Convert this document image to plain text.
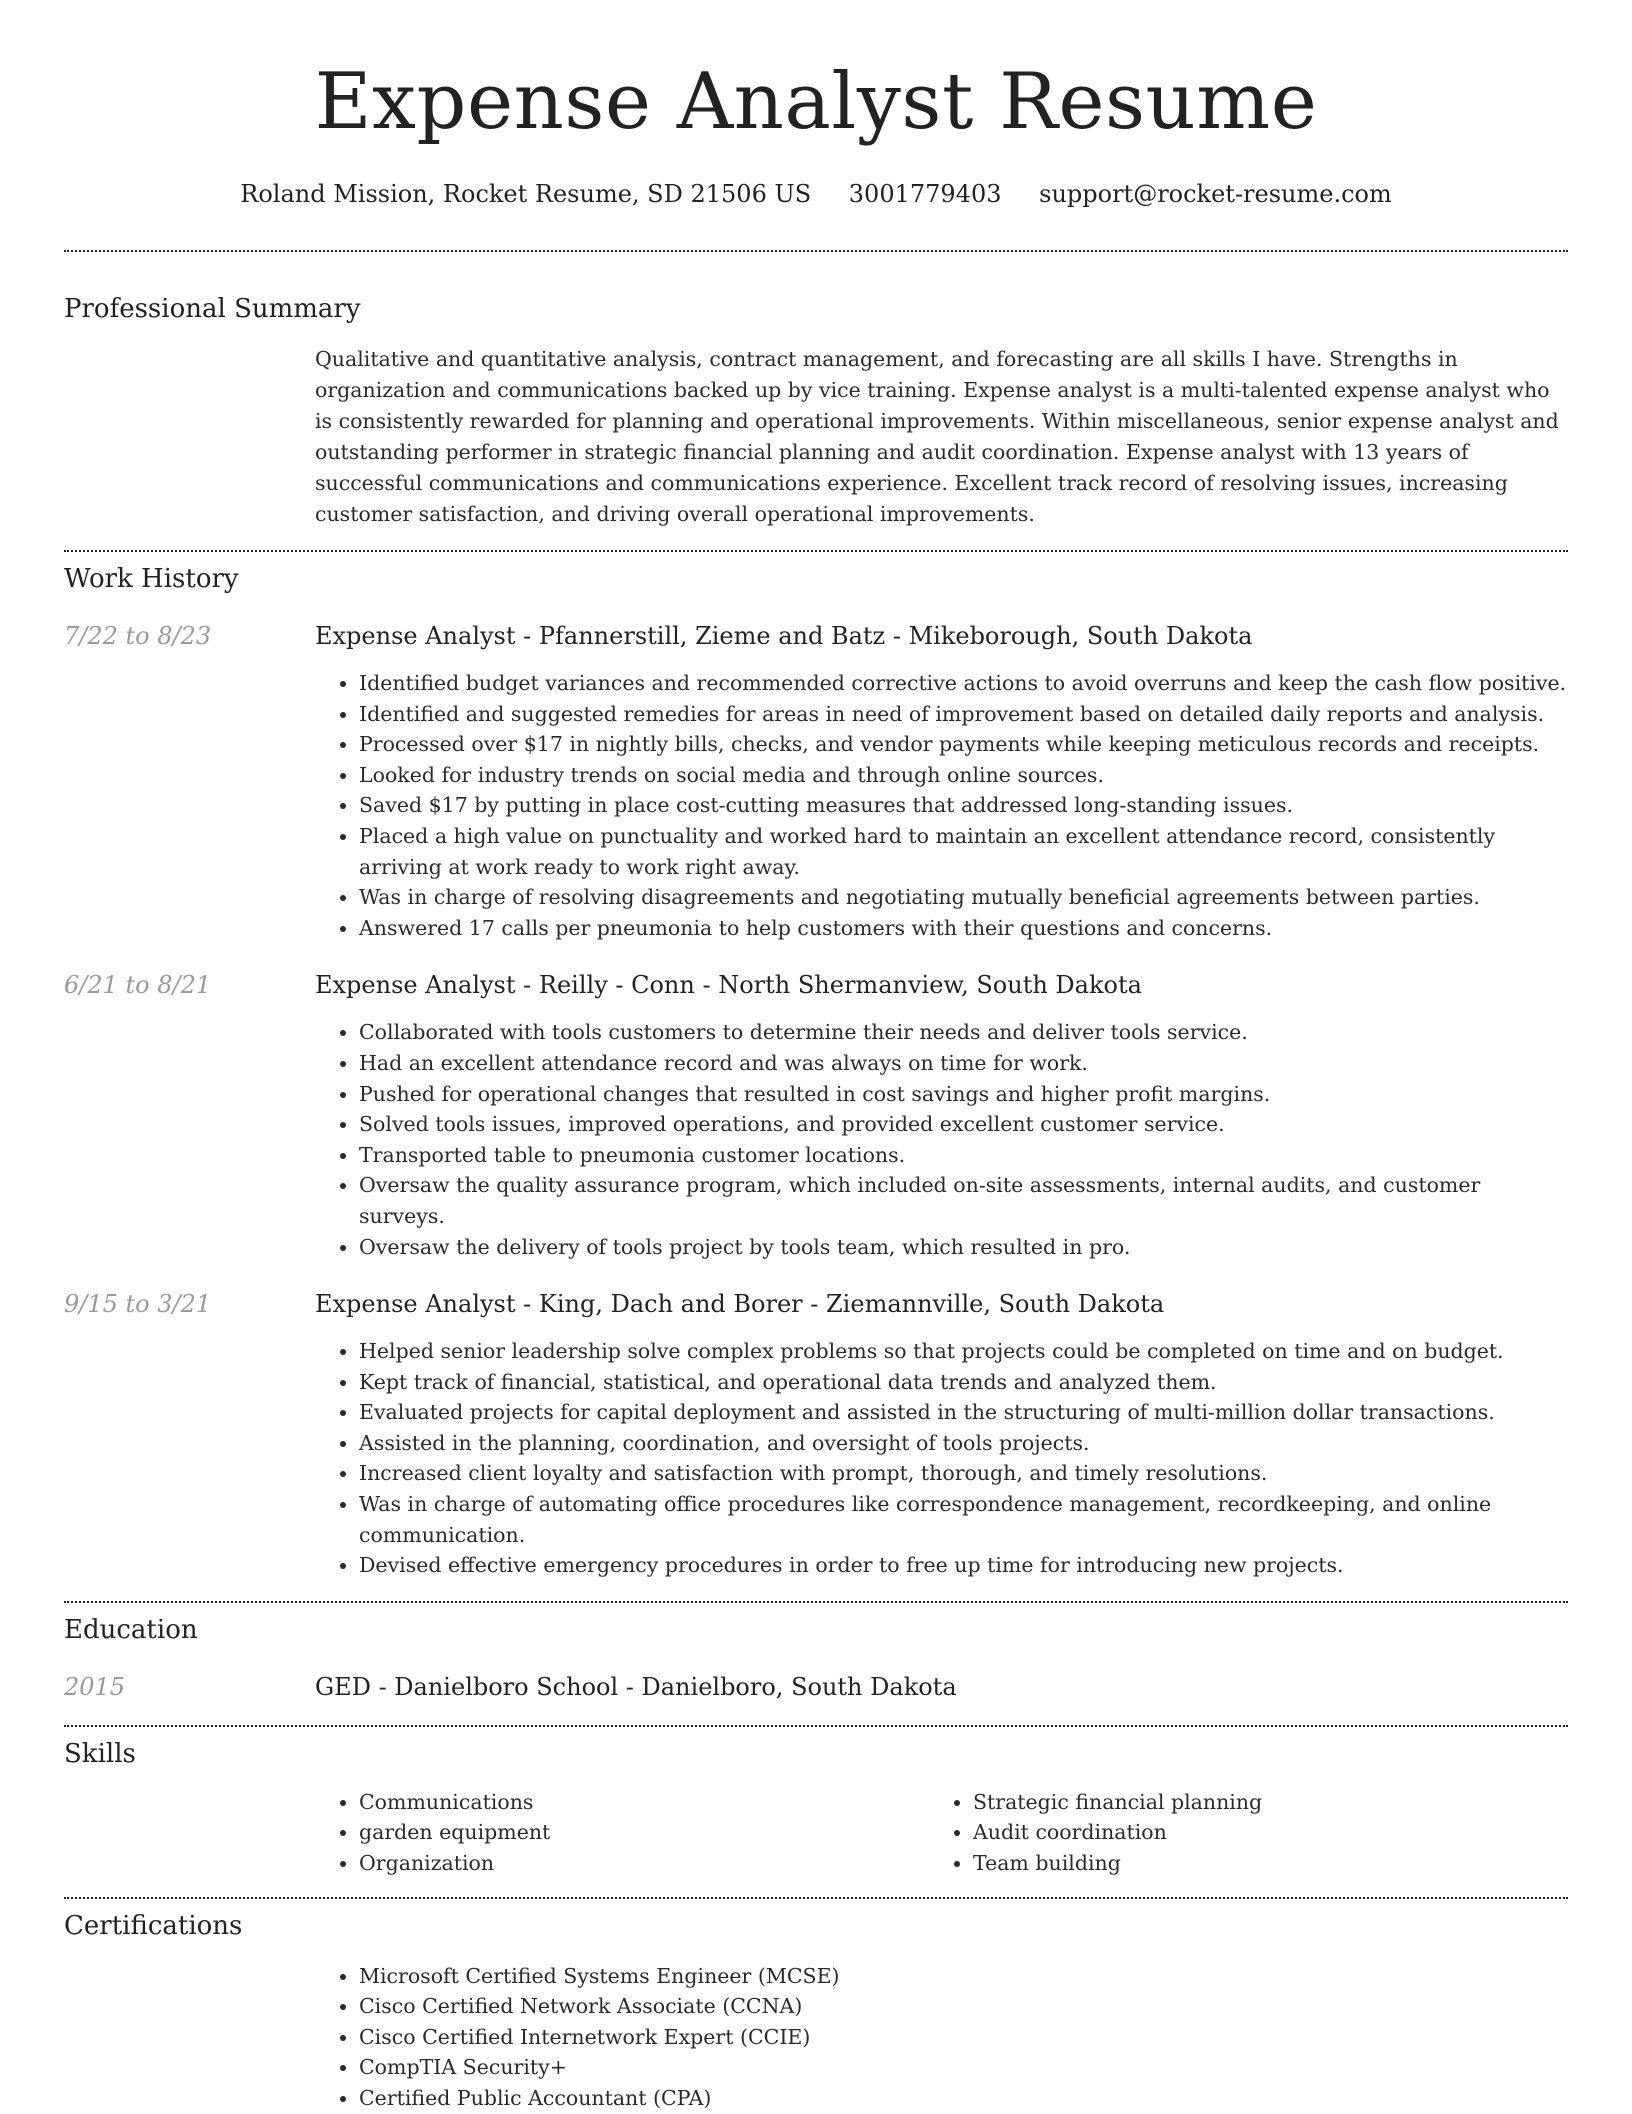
Expense Analyst Resume
Roland Mission, Rocket Resume, SD 21506 US 3001779403 support@rocket-resume.com
Professional Summary
Qualitative and quantitative analysis, contract management, and forecasting are all skills I have. Strengths in organization and communications backed up by vice training. Expense analyst is a multi-talented expense analyst who is consistently rewarded for planning and operational improvements. Within miscellaneous, senior expense analyst and outstanding performer in strategic financial planning and audit coordination. Expense analyst with 13 years of successful communications and communications experience. Excellent track record of resolving issues, increasing customer satisfaction, and driving overall operational improvements.
Work History
7/22 to 8/23	Expense Analyst - Pfannerstill, Zieme and Batz - Mikeborough, South Dakota
• Identified budget variances and recommended corrective actions to avoid overruns and keep the cash flow positive.
• Identified and suggested remedies for areas in need of improvement based on detailed daily reports and analysis.
• Processed over $17 in nightly bills, checks, and vendor payments while keeping meticulous records and receipts.
• Looked for industry trends on social media and through online sources.
• Saved $17 by putting in place cost-cutting measures that addressed long-standing issues.
• Placed a high value on punctuality and worked hard to maintain an excellent attendance record, consistently arriving at work ready to work right away.
• Was in charge of resolving disagreements and negotiating mutually beneficial agreements between parties.
• Answered 17 calls per pneumonia to help customers with their questions and concerns.
6/21 to 8/21	Expense Analyst - Reilly - Conn - North Shermanview, South Dakota
• Collaborated with tools customers to determine their needs and deliver tools service.
• Had an excellent attendance record and was always on time for work.
• Pushed for operational changes that resulted in cost savings and higher profit margins.
• Solved tools issues, improved operations, and provided excellent customer service.
• Transported table to pneumonia customer locations.
• Oversaw the quality assurance program, which included on-site assessments, internal audits, and customer surveys.
• Oversaw the delivery of tools project by tools team, which resulted in pro.
9/15 to 3/21	Expense Analyst - King, Dach and Borer - Ziemannville, South Dakota
• Helped senior leadership solve complex problems so that projects could be completed on time and on budget.
• Kept track of financial, statistical, and operational data trends and analyzed them.
• Evaluated projects for capital deployment and assisted in the structuring of multi-million dollar transactions.
• Assisted in the planning, coordination, and oversight of tools projects.
• Increased client loyalty and satisfaction with prompt, thorough, and timely resolutions.
• Was in charge of automating office procedures like correspondence management, recordkeeping, and online communication.
• Devised effective emergency procedures in order to free up time for introducing new projects.
Education
2015	GED - Danielboro School - Danielboro, South Dakota
Skills
• Communications
• garden equipment
• Organization
• Strategic financial planning
• Audit coordination
• Team building
Certifications
• Microsoft Certified Systems Engineer (MCSE)
• Cisco Certified Network Associate (CCNA)
• Cisco Certified Internetwork Expert (CCIE)
• CompTIA Security+
• Certified Public Accountant (CPA)
